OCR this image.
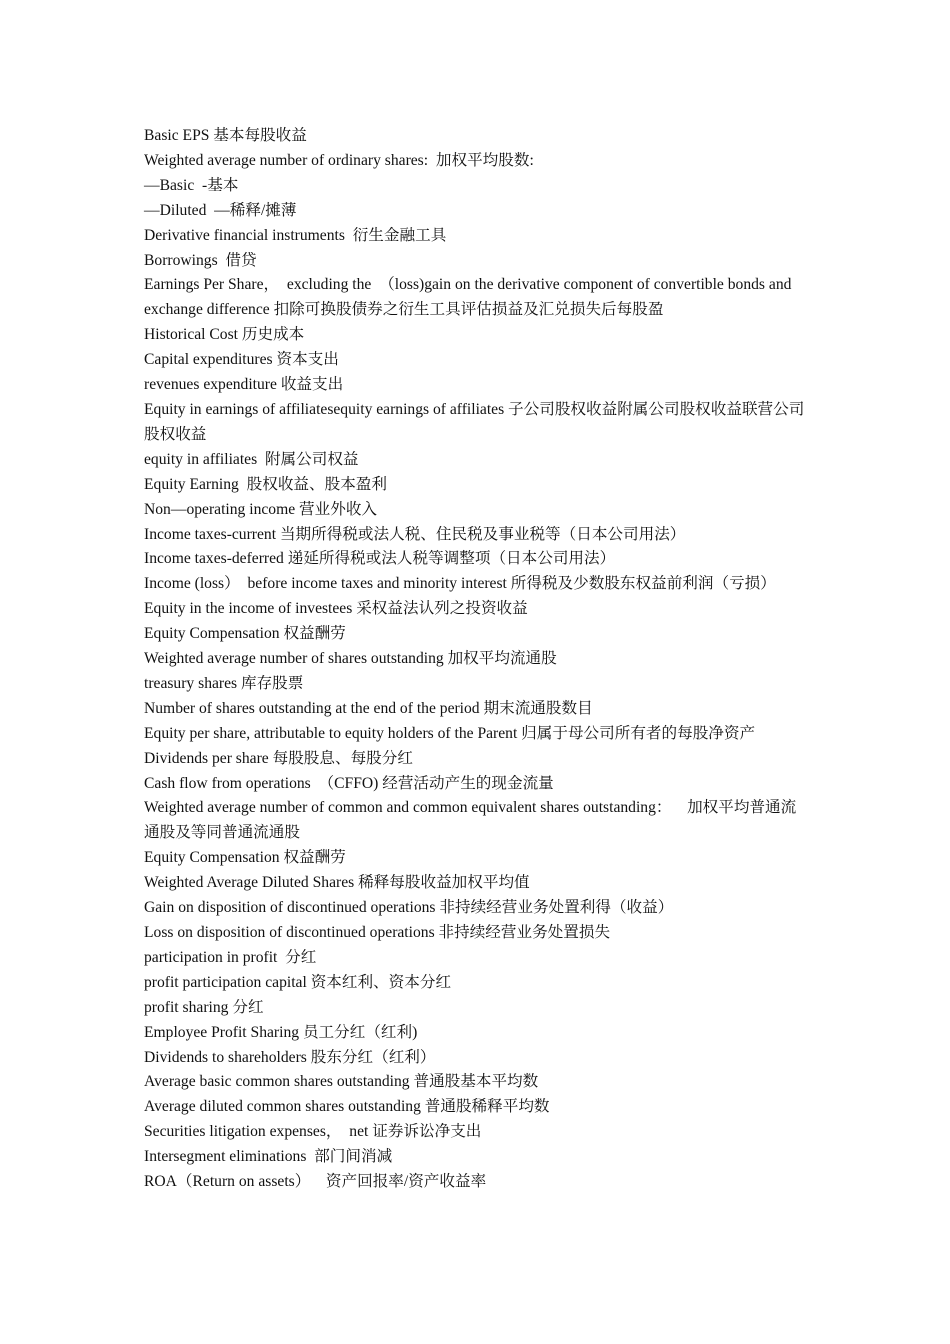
Basic EPS 基本每股收益
Weighted average number of ordinary shares:  加权平均股数:
—Basic  -基本
—Diluted  —稀释/摊薄
Derivative financial instruments  衍生金融工具
Borrowings  借贷
Earnings Per Share，  excluding the  （loss)gain on the derivative component of convertible bonds and exchange difference 扣除可换股债券之衍生工具评估损益及汇兑损失后每股盈
Historical Cost 历史成本
Capital expenditures 资本支出
revenues expenditure 收益支出
Equity in earnings of affiliatesequity earnings of affiliates 子公司股权收益附属公司股权收益联营公司股权收益
equity in affiliates  附属公司权益
Equity Earning  股权收益、股本盈利
Non—operating income 营业外收入
Income taxes-current 当期所得税或法人税、住民税及事业税等（日本公司用法）
Income taxes-deferred 递延所得税或法人税等调整项（日本公司用法）
Income (loss）  before income taxes and minority interest 所得税及少数股东权益前利润（亏损）
Equity in the income of investees 采权益法认列之投资收益
Equity Compensation 权益酬劳
Weighted average number of shares outstanding 加权平均流通股
treasury shares 库存股票
Number of shares outstanding at the end of the period 期末流通股数目
Equity per share, attributable to equity holders of the Parent 归属于母公司所有者的每股净资产
Dividends per share 每股股息、每股分红
Cash flow from operations  （CFFO) 经营活动产生的现金流量
Weighted average number of common and common equivalent shares outstanding：    加权平均普通流通股及等同普通流通股
Equity Compensation 权益酬劳
Weighted Average Diluted Shares 稀释每股收益加权平均值
Gain on disposition of discontinued operations 非持续经营业务处置利得（收益）
Loss on disposition of discontinued operations 非持续经营业务处置损失
participation in profit  分红
profit participation capital 资本红利、资本分红
profit sharing 分红
Employee Profit Sharing 员工分红（红利)
Dividends to shareholders 股东分红（红利）
Average basic common shares outstanding 普通股基本平均数
Average diluted common shares outstanding 普通股稀释平均数
Securities litigation expenses，  net 证券诉讼净支出
Intersegment eliminations  部门间消减
ROA（Return on assets）    资产回报率/资产收益率
